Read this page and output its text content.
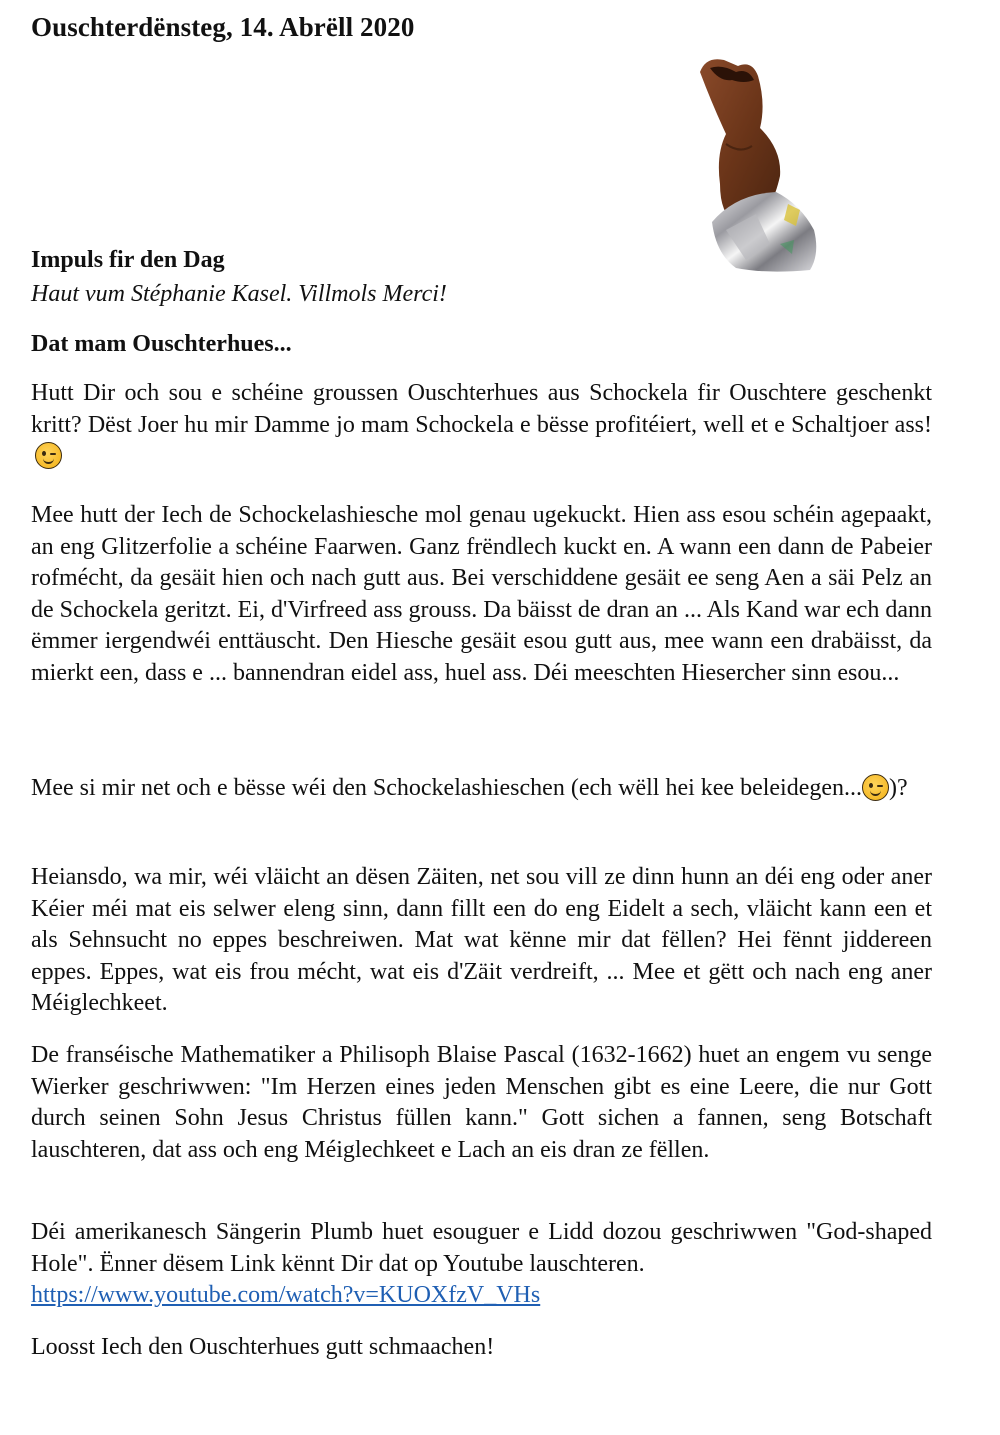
Ouschterdënsteg, 14. Abrëll 2020
Impuls fir den Dag
Haut vum Stéphanie Kasel. Villmols Merci!
Dat mam Ouschterhues...
Hutt Dir och sou e schéine groussen Ouschterhues aus Schockela fir Ouschtere geschenkt kritt? Dëst Joer hu mir Damme jo mam Schockela e bësse profitéiert, well et e Schaltjoer ass!
Mee hutt der Iech de Schockelashiesche mol genau ugekuckt. Hien ass esou schéin agepaakt, an eng Glitzerfolie a schéine Faarwen. Ganz frëndlech kuckt en. A wann een dann de Pabeier rofmécht, da gesäit hien och nach gutt aus. Bei verschiddene gesäit ee seng Aen a säi Pelz an de Schockela geritzt. Ei, d'Virfreed ass grouss. Da bäisst de dran an ... Als Kand war ech dann ëmmer iergendwéi enttäuscht. Den Hiesche gesäit esou gutt aus, mee wann een drabäisst, da mierkt een, dass e ... bannendran eidel ass, huel ass. Déi meeschten Hiesercher sinn esou...
Mee si mir net och e bësse wéi den Schockelashieschen (ech wëll hei kee beleidegen... )?
Heiansdo, wa mir, wéi vläicht an dësen Zäiten, net sou vill ze dinn hunn an déi eng oder aner Kéier méi mat eis selwer eleng sinn, dann fillt een do eng Eidelt a sech, vläicht kann een et als Sehnsucht no eppes beschreiwen. Mat wat kënne mir dat fëllen? Hei fënnt jiddereen eppes. Eppes, wat eis frou mécht, wat eis d'Zäit verdreift, ... Mee et gëtt och nach eng aner Méiglechkeet.
De franséische Mathematiker a Philisoph Blaise Pascal (1632-1662) huet an engem vu senge Wierker geschriwwen: "Im Herzen eines jeden Menschen gibt es eine Leere, die nur Gott durch seinen Sohn Jesus Christus füllen kann." Gott sichen a fannen, seng Botschaft lauschteren, dat ass och eng Méiglechkeet e Lach an eis dran ze fëllen.
Déi amerikanesch Sängerin Plumb huet esouguer e Lidd dozou geschriwwen "God-shaped Hole". Ënner dësem Link kënnt Dir dat op Youtube lauschteren.
https://www.youtube.com/watch?v=KUOXfzV_VHs
Loosst Iech den Ouschterhues gutt schmaachen!
